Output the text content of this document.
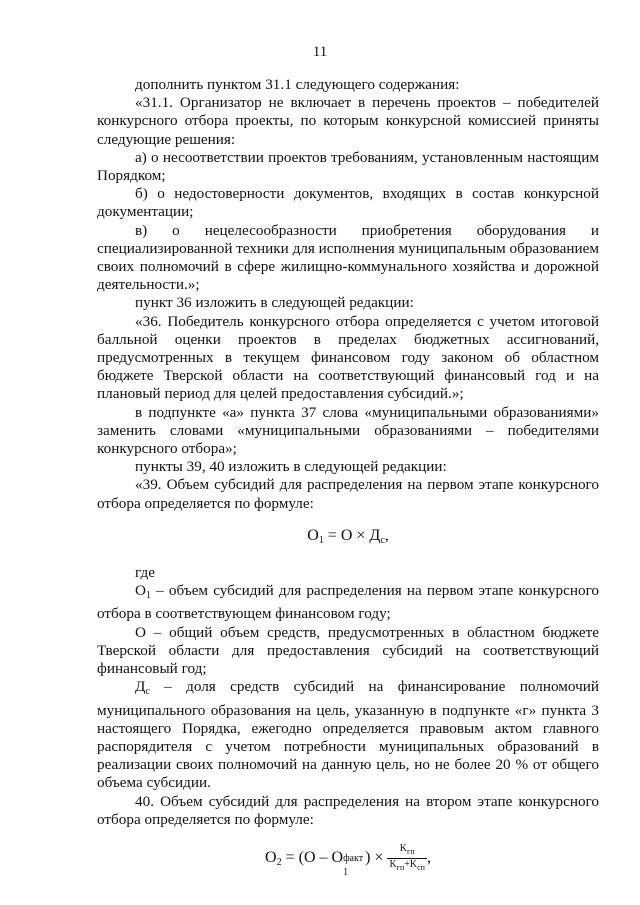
11

дополнить пунктом 31.1 следующего содержания:

«31.1. Организатор не включает в перечень проектов – победителей конкурсного отбора проекты, по которым конкурсной комиссией приняты следующие решения:

а) о несоответствии проектов требованиям, установленным настоящим Порядком;

б) о недостоверности документов, входящих в состав конкурсной документации;

в) о нецелесообразности приобретения оборудования и

специализированной техники для исполнения муниципальным образованием своих полномочий в сфере жилищно-коммунального хозяйства и дорожной деятельности.»;

пункт 36 изложить в следующей редакции:

«36. Победитель конкурсного отбора определяется с учетом итоговой балльной оценки проектов в пределах бюджетных ассигнований, предусмотренных в текущем финансовом году законом об областном бюджете Тверской области на соответствующий финансовый год и на плановый период для целей предоставления субсидий.»;

в подпункте «а» пункта 37 слова «муниципальными образованиями» заменить словами «муниципальными образованиями – победителями конкурсного отбора»;

пункты 39, 40 изложить в следующей редакции:

«39. Объем субсидий для распределения на первом этапе конкурсного отбора определяется по формуле:

$O_1 = O \times Д_с$,

где

$O_1$ – объем субсидий для распределения на первом этапе конкурсного отбора в соответствующем финансовом году;

O – общий объем средств, предусмотренных в областном бюджете Тверской области для предоставления субсидий на соответствующий финансовый год;

$Д_с$ – доля средств субсидий на финансирование полномочий муниципального образования на цель, указанную в подпункте «г» пункта 3 настоящего Порядка, ежегодно определяется правовым актом главного распорядителя с учетом потребности муниципальных образований в реализации своих полномочий на данную цель, но не более 20 % от общего объема субсидии.

40. Объем субсидий для распределения на втором этапе конкурсного отбора определяется по формуле:

$O_2 = (O - O$ факт
1
) × $\frac{K_{гп}}{K_{гп}+K_{сп}}$ ,
